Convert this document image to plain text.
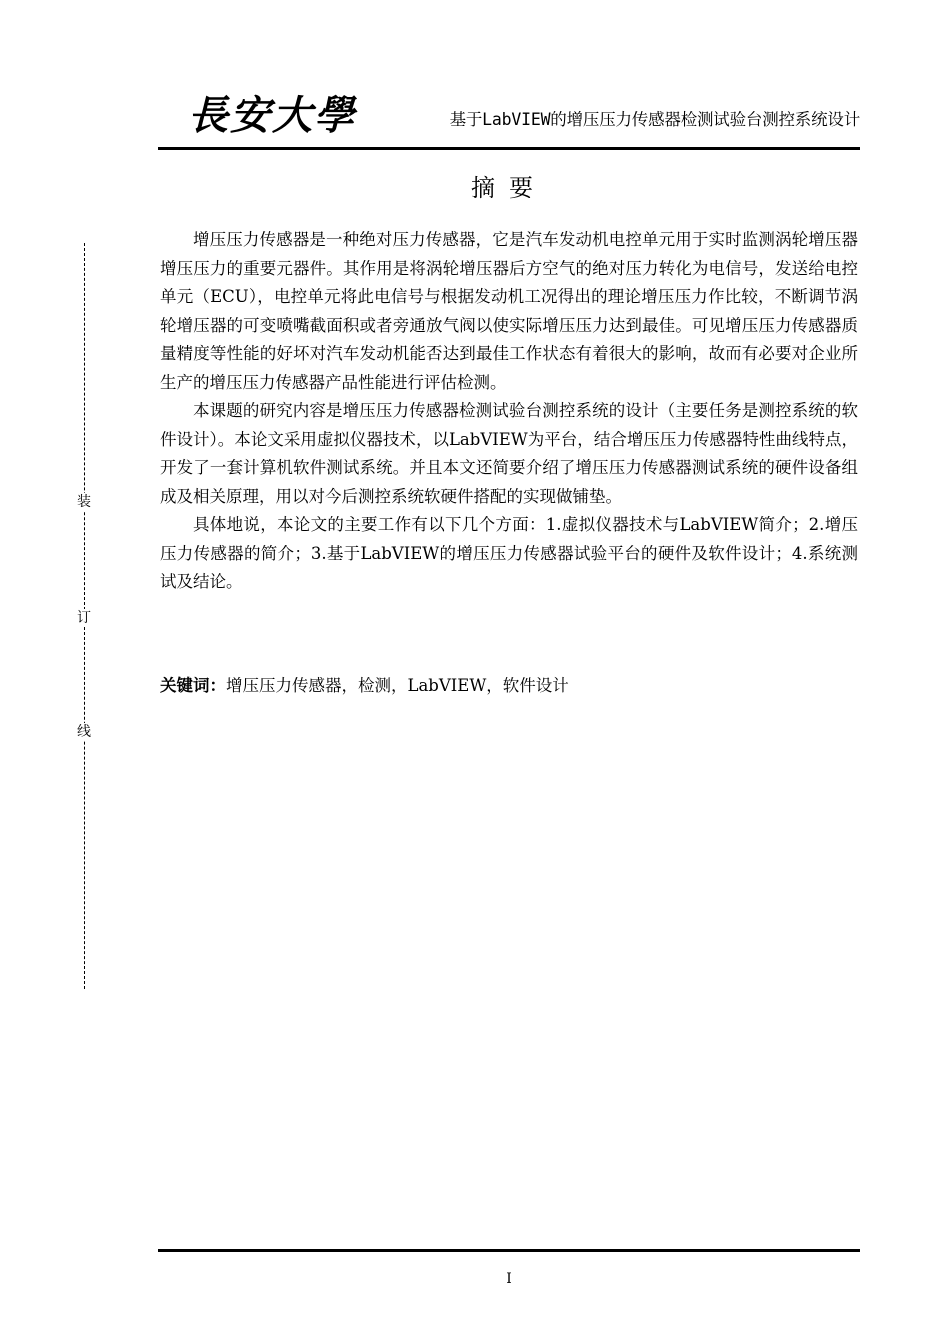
長安大學	基于LabVIEW的增压压力传感器检测试验台测控系统设计
装
订
线
摘要

增压压力传感器是一种绝对压力传感器，它是汽车发动机电控单元用于实时监测涡轮增压器增压压力的重要元器件。其作用是将涡轮增压器后方空气的绝对压力转化为电信号，发送给电控单元（ECU），电控单元将此电信号与根据发动机工况得出的理论增压压力作比较，不断调节涡轮增压器的可变喷嘴截面积或者旁通放气阀以使实际增压压力达到最佳。可见增压压力传感器质量精度等性能的好坏对汽车发动机能否达到最佳工作状态有着很大的影响，故而有必要对企业所生产的增压压力传感器产品性能进行评估检测。

本课题的研究内容是增压压力传感器检测试验台测控系统的设计（主要任务是测控系统的软件设计）。本论文采用虚拟仪器技术，以LabVIEW为平台，结合增压压力传感器特性曲线特点，开发了一套计算机软件测试系统。并且本文还简要介绍了增压压力传感器测试系统的硬件设备组成及相关原理，用以对今后测控系统软硬件搭配的实现做铺垫。

具体地说，本论文的主要工作有以下几个方面：1.虚拟仪器技术与LabVIEW简介；2.增压压力传感器的简介；3.基于LabVIEW的增压压力传感器试验平台的硬件及软件设计；4.系统测试及结论。

关键词：增压压力传感器，检测，LabVIEW，软件设计
I
